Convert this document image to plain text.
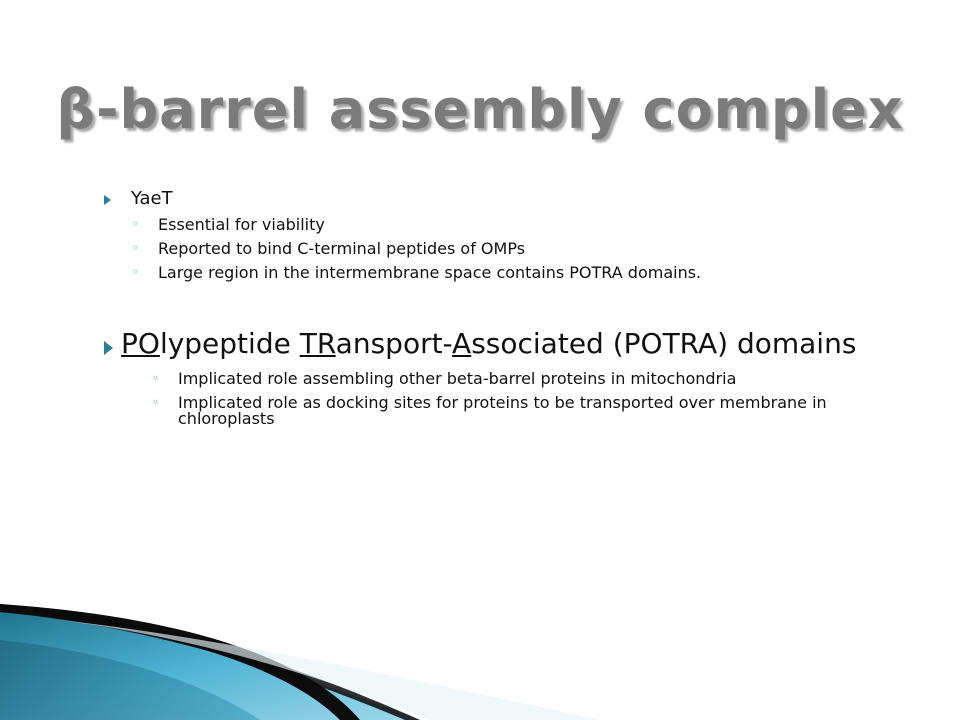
β-barrel assembly complex
YaeT
◦	Essential for viability
◦	Reported to bind C-terminal peptides of OMPs
◦	Large region in the intermembrane space contains POTRA domains.
POlypeptide TRansport-Associated (POTRA) domains
◦	Implicated role assembling other beta-barrel proteins in mitochondria
◦	Implicated role as docking sites for proteins to be transported over membrane in chloroplasts
